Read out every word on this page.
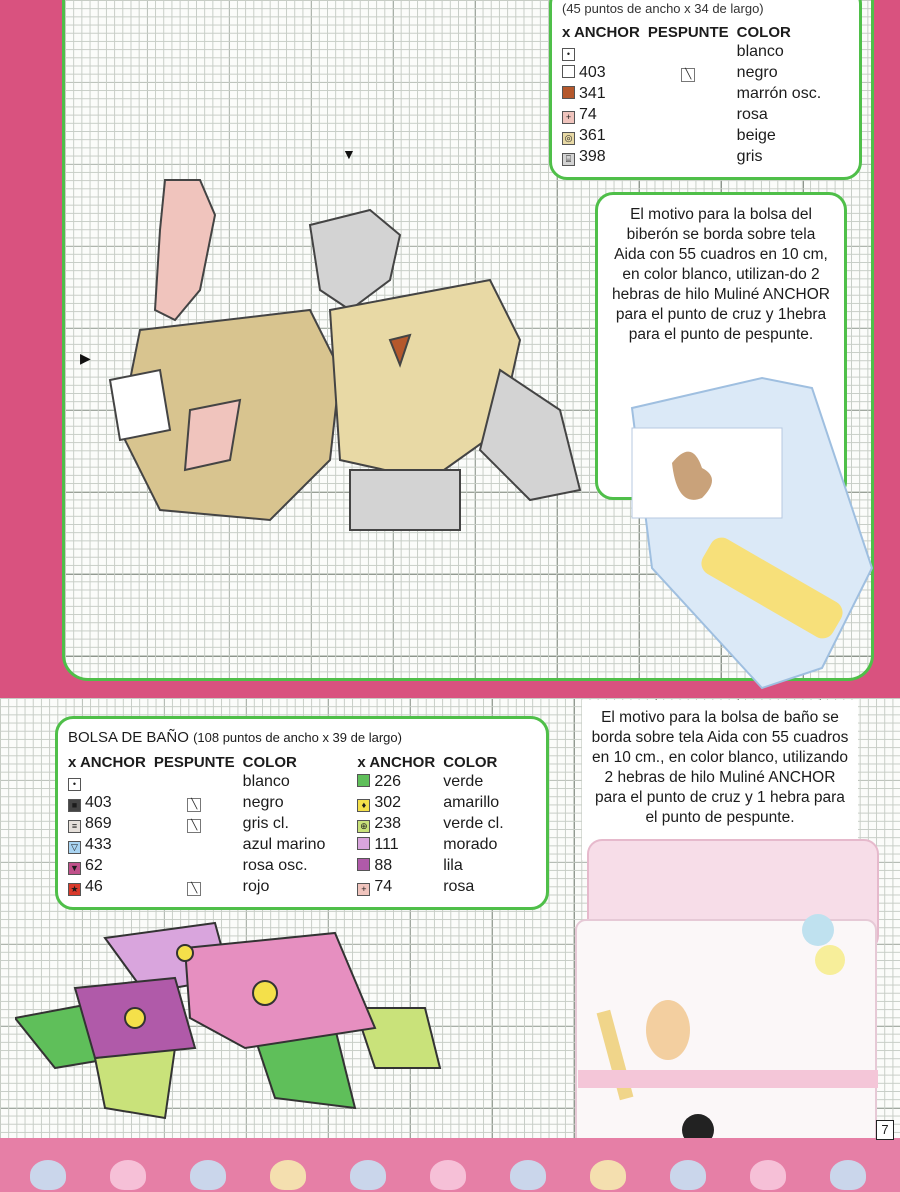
▼
▶
(45 puntos de ancho x 34 de largo)
x ANCHOR	PESPUNTE	COLOR
•		blanco
403	╲	negro
341		marrón osc.
+ 74		rosa
◎ 361		beige
⌸ 398		gris
El motivo para la bolsa del biberón se borda sobre tela Aida con 55 cuadros en 10 cm, en color blanco, utilizan-do 2 hebras de hilo Muliné ANCHOR para el punto de cruz y 1hebra para el punto de pespunte.
BOLSA DE BAÑO (108 puntos de ancho x 39 de largo)
x ANCHOR	PESPUNTE	COLOR
•		blanco
■ 403	╲	negro
≡ 869	╲	gris cl.
▽ 433		azul marino
▼ 62		rosa osc.
★ 46	╲	rojo
x ANCHOR	COLOR
226	verde
♦ 302	amarillo
⊕ 238	verde cl.
111	morado
88	lila
+ 74	rosa
El motivo para la bolsa de baño se borda sobre tela Aida con 55 cuadros en 10 cm., en color blanco, utilizando 2 hebras de hilo Muliné ANCHOR para el punto de cruz y 1 hebra para el punto de pespunte.
7
